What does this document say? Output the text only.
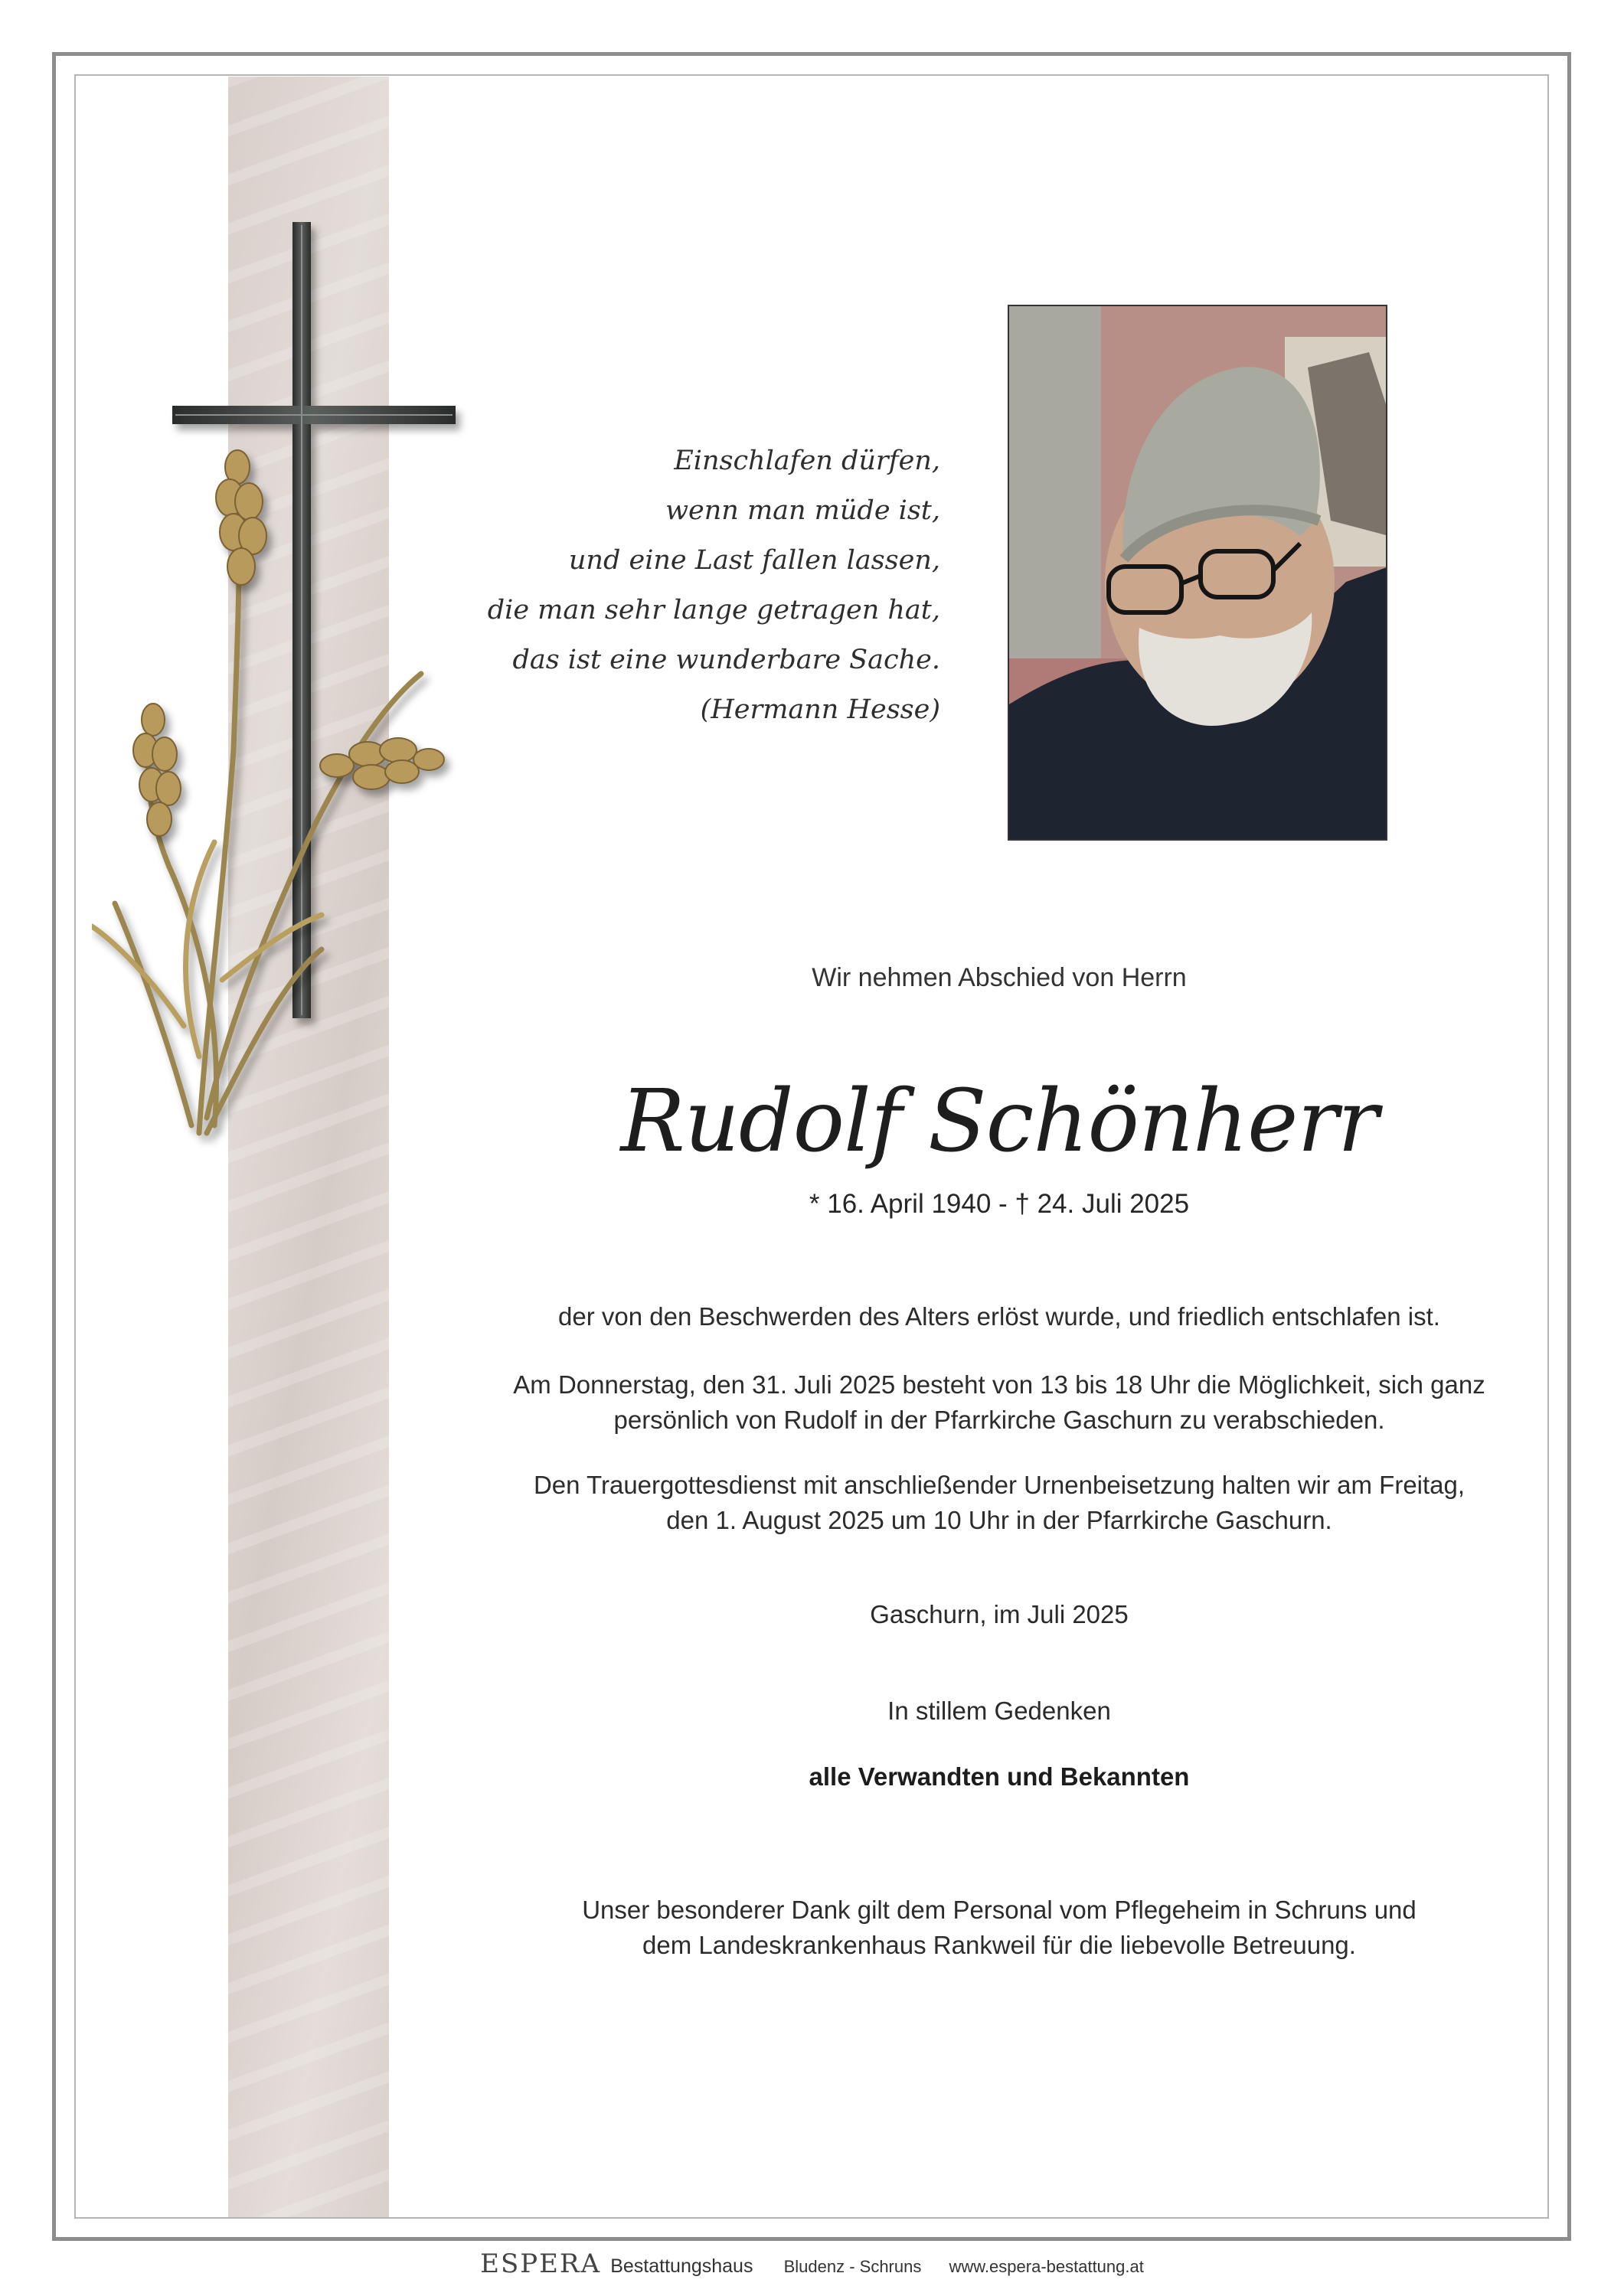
Einschlafen dürfen,
wenn man müde ist,
und eine Last fallen lassen,
die man sehr lange getragen hat,
das ist eine wunderbare Sache.
(Hermann Hesse)
Wir nehmen Abschied von Herrn
Rudolf Schönherr
* 16. April 1940 - † 24. Juli 2025
der von den Beschwerden des Alters erlöst wurde, und friedlich entschlafen ist.
Am Donnerstag, den 31. Juli 2025 besteht von 13 bis 18 Uhr die Möglichkeit, sich ganz
persönlich von Rudolf in der Pfarrkirche Gaschurn zu verabschieden.
Den Trauergottesdienst mit anschließender Urnenbeisetzung halten wir am Freitag,
den 1. August 2025 um 10 Uhr in der Pfarrkirche Gaschurn.
Gaschurn, im Juli 2025
In stillem Gedenken
alle Verwandten und Bekannten
Unser besonderer Dank gilt dem Personal vom Pflegeheim in Schruns und
dem Landeskrankenhaus Rankweil für die liebevolle Betreuung.
ESPERA Bestattungshaus Bludenz - Schruns www.espera-bestattung.at
